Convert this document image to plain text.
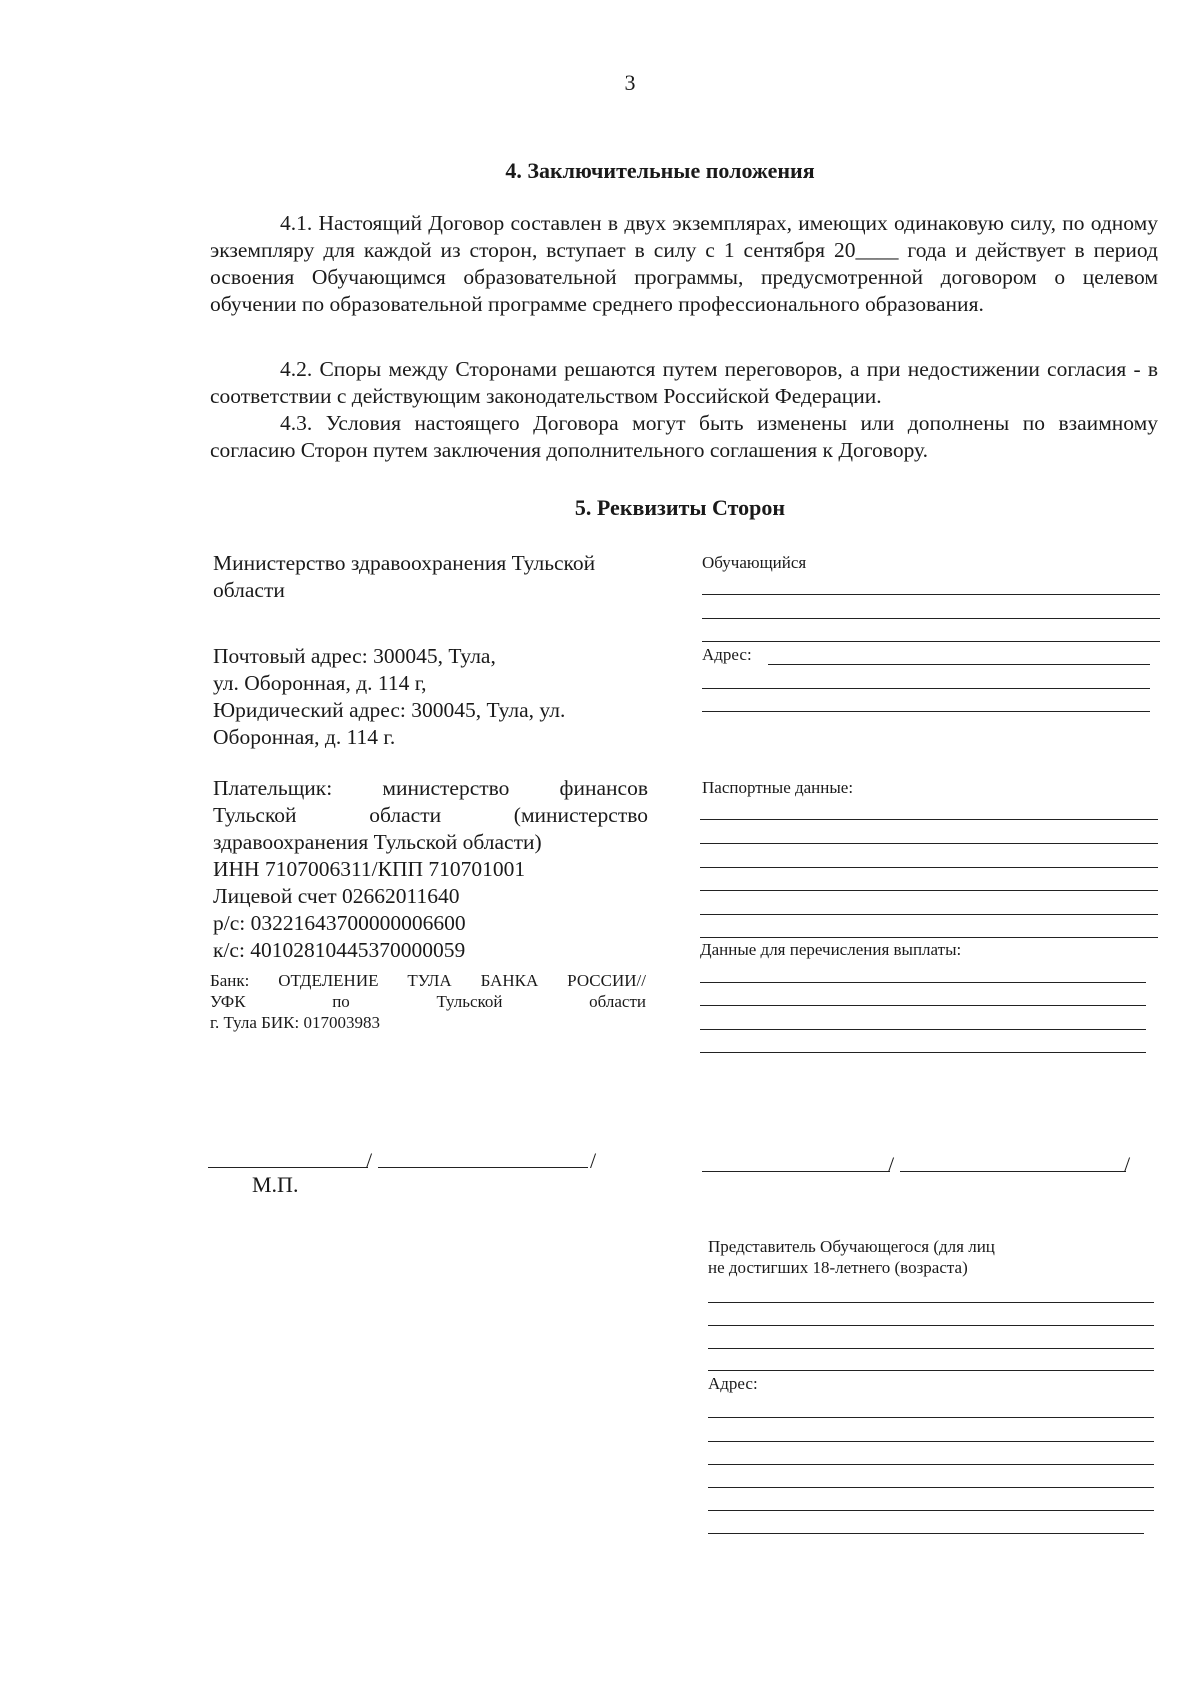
3
4. Заключительные положения
4.1. Настоящий Договор составлен в двух экземплярах, имеющих одинаковую силу, по одному экземпляру для каждой из сторон, вступает в силу с 1 сентября 20____ года и действует в период освоения Обучающимся образовательной программы, предусмотренной договором о целевом обучении по образовательной программе среднего профессионального образования.
4.2. Споры между Сторонами решаются путем переговоров, а при недостижении согласия - в соответствии с действующим законодательством Российской Федерации.
4.3. Условия настоящего Договора могут быть изменены или дополнены по взаимному согласию Сторон путем заключения дополнительного соглашения к Договору.
5. Реквизиты Сторон
Министерство здравоохранения Тульской
области
Почтовый адрес: 300045, Тула,
ул. Оборонная, д. 114 г,
Юридический адрес: 300045, Тула, ул.
Оборонная, д. 114 г.
Плательщик: министерство финансов
Тульской области (министерство
здравоохранения Тульской области)
ИНН 7107006311/КПП 710701001
Лицевой счет 02662011640
р/с: 03221643700000006600
к/с: 40102810445370000059
Банк: ОТДЕЛЕНИЕ ТУЛА БАНКА РОССИИ//
УФК по Тульской области
г. Тула БИК: 017003983
/	/
М.П.
Обучающийся
Адрес:
Паспортные данные:
Данные для перечисления выплаты:
/	/
Представитель Обучающегося (для лиц
не достигших 18-летнего (возраста)
Адрес:
